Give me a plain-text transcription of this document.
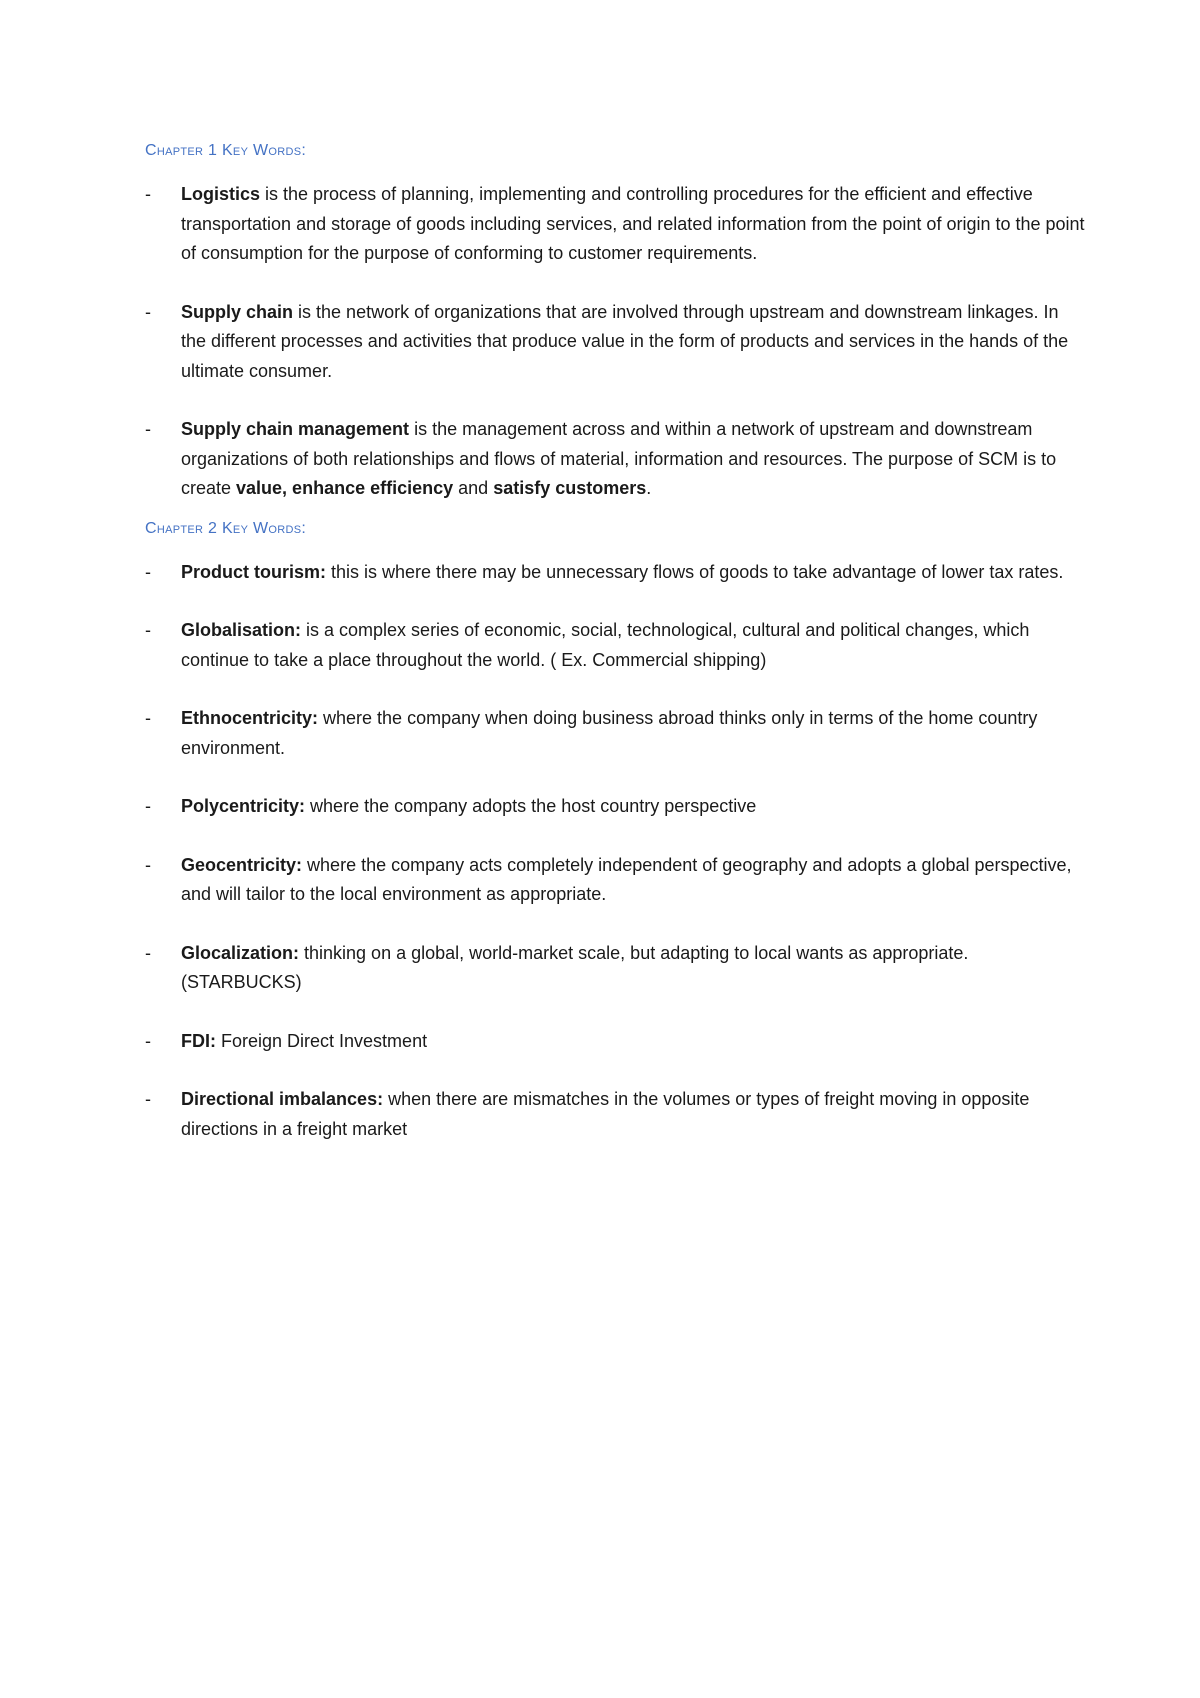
Chapter 1 Key Words:
- Logistics is the process of planning, implementing and controlling procedures for the efficient and effective transportation and storage of goods including services, and related information from the point of origin to the point of consumption for the purpose of conforming to customer requirements.
- Supply chain is the network of organizations that are involved through upstream and downstream linkages. In the different processes and activities that produce value in the form of products and services in the hands of the ultimate consumer.
- Supply chain management is the management across and within a network of upstream and downstream organizations of both relationships and flows of material, information and resources. The purpose of SCM is to create value, enhance efficiency and satisfy customers.
Chapter 2 Key Words:
- Product tourism: this is where there may be unnecessary flows of goods to take advantage of lower tax rates.
- Globalisation: is a complex series of economic, social, technological, cultural and political changes, which continue to take a place throughout the world. ( Ex. Commercial shipping)
- Ethnocentricity: where the company when doing business abroad thinks only in terms of the home country environment.
- Polycentricity: where the company adopts the host country perspective
- Geocentricity: where the company acts completely independent of geography and adopts a global perspective, and will tailor to the local environment as appropriate.
- Glocalization: thinking on a global, world-market scale, but adapting to local wants as appropriate. (STARBUCKS)
- FDI: Foreign Direct Investment
- Directional imbalances: when there are mismatches in the volumes or types of freight moving in opposite directions in a freight market
